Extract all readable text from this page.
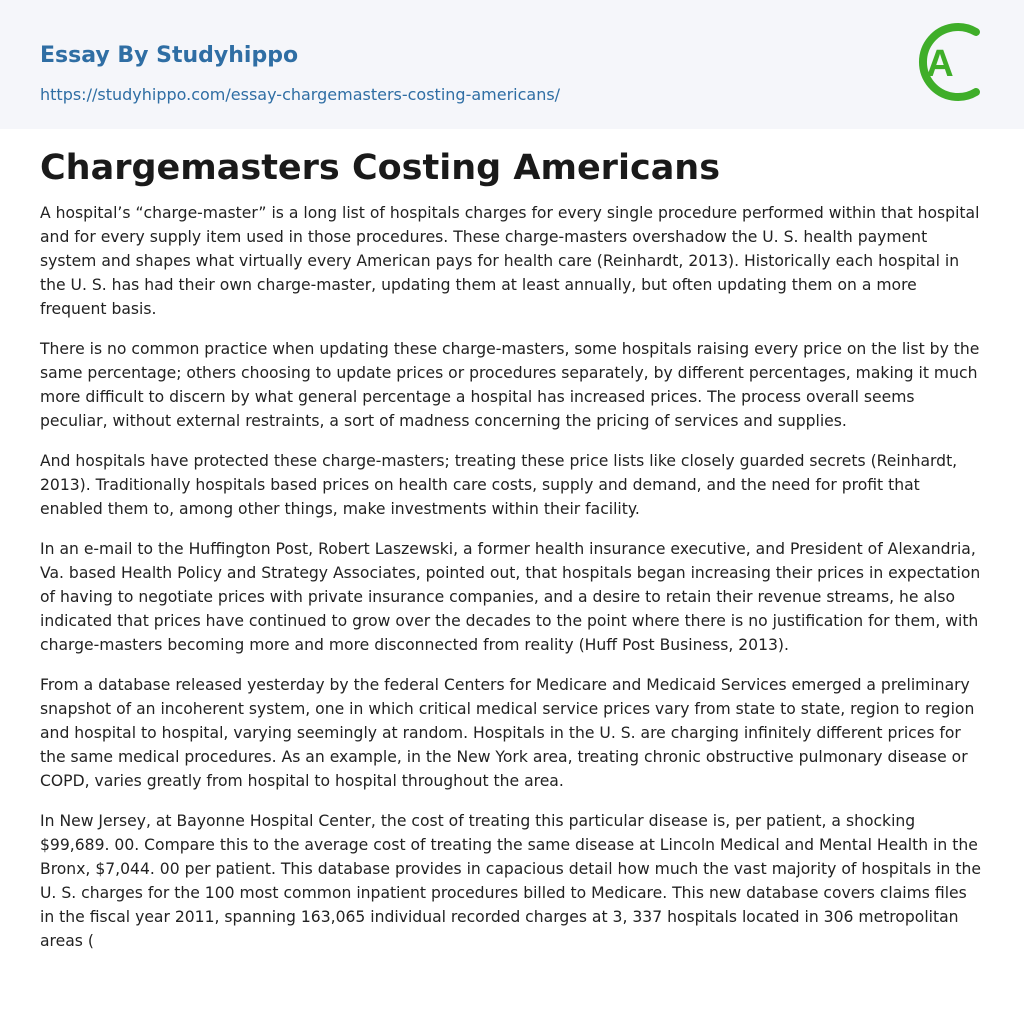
Essay By Studyhippo
https://studyhippo.com/essay-chargemasters-costing-americans/
A
Chargemasters Costing Americans

A hospital’s “charge-master” is a long list of hospitals charges for every single procedure performed within that hospital and for every supply item used in those procedures. These charge-masters overshadow the U. S. health payment system and shapes what virtually every American pays for health care (Reinhardt, 2013). Historically each hospital in the U. S. has had their own charge-master, updating them at least annually, but often updating them on a more frequent basis.

There is no common practice when updating these charge-masters, some hospitals raising every price on the list by the same percentage; others choosing to update prices or procedures separately, by different percentages, making it much more difficult to discern by what general percentage a hospital has increased prices. The process overall seems peculiar, without external restraints, a sort of madness concerning the pricing of services and supplies.

And hospitals have protected these charge-masters; treating these price lists like closely guarded secrets (Reinhardt, 2013). Traditionally hospitals based prices on health care costs, supply and demand, and the need for profit that enabled them to, among other things, make investments within their facility.

In an e-mail to the Huffington Post, Robert Laszewski, a former health insurance executive, and President of Alexandria, Va. based Health Policy and Strategy Associates, pointed out, that hospitals began increasing their prices in expectation of having to negotiate prices with private insurance companies, and a desire to retain their revenue streams, he also indicated that prices have continued to grow over the decades to the point where there is no justification for them, with charge-masters becoming more and more disconnected from reality (Huff Post Business, 2013).

From a database released yesterday by the federal Centers for Medicare and Medicaid Services emerged a preliminary snapshot of an incoherent system, one in which critical medical service prices vary from state to state, region to region and hospital to hospital, varying seemingly at random. Hospitals in the U. S. are charging infinitely different prices for the same medical procedures. As an example, in the New York area, treating chronic obstructive pulmonary disease or COPD, varies greatly from hospital to hospital throughout the area.

In New Jersey, at Bayonne Hospital Center, the cost of treating this particular disease is, per patient, a shocking $99,689. 00. Compare this to the average cost of treating the same disease at Lincoln Medical and Mental Health in the Bronx, $7,044. 00 per patient. This database provides in capacious detail how much the vast majority of hospitals in the U. S. charges for the 100 most common inpatient procedures billed to Medicare. This new database covers claims files in the fiscal year 2011, spanning 163,065 individual recorded charges at 3, 337 hospitals located in 306 metropolitan areas (
